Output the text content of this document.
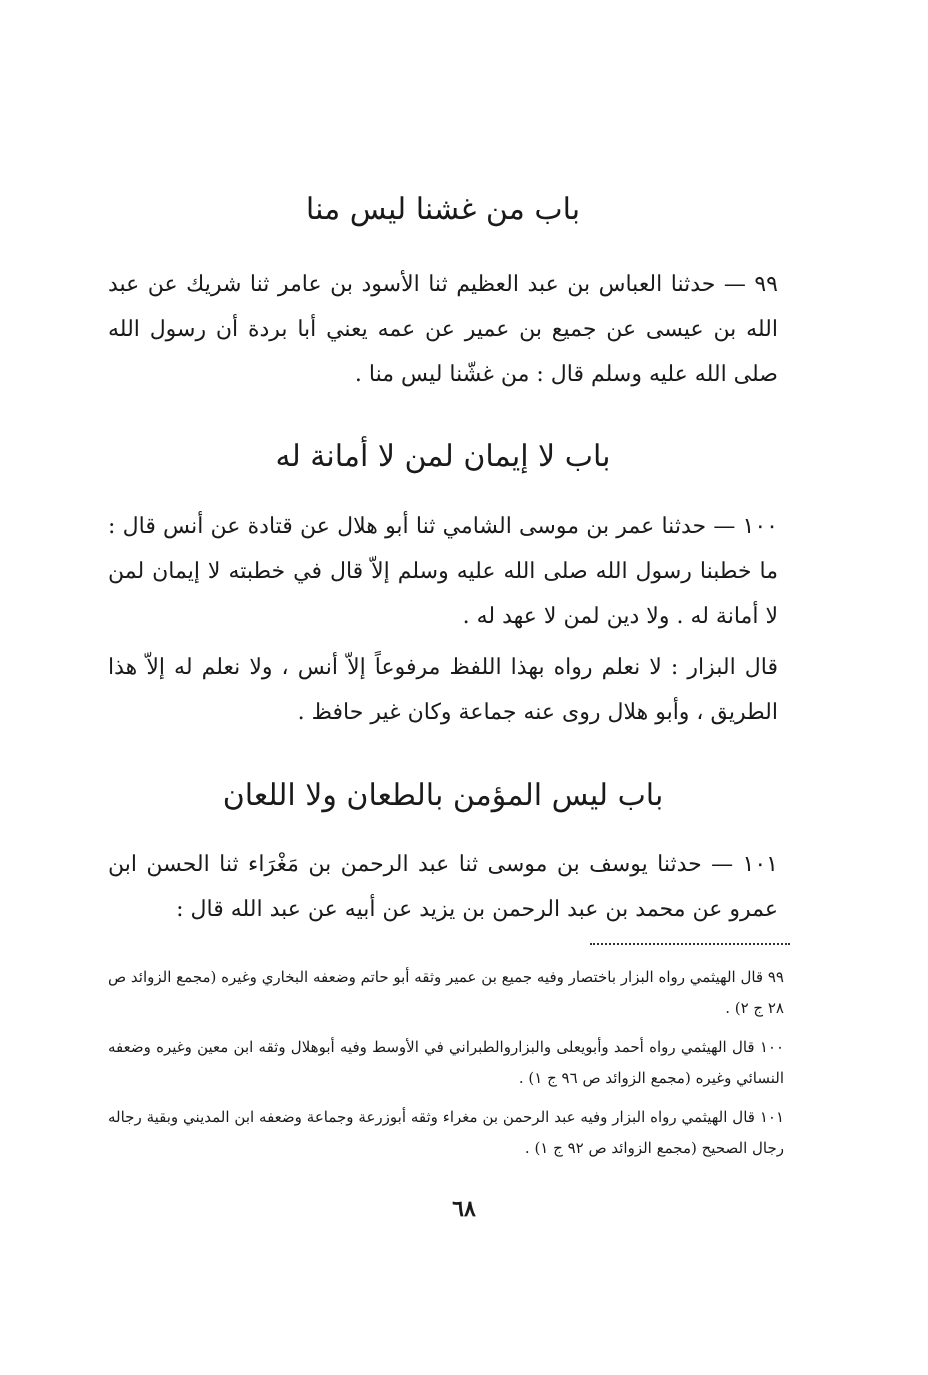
باب من غشنا ليس منا

٩٩ — حدثنا العباس بن عبد العظيم ثنا الأسود بن عامر ثنا شريك عن عبد الله بن عيسى عن جميع بن عمير عن عمه يعني أبا بردة أن رسول الله صلى الله عليه وسلم قال : من غشّنا ليس منا .

باب لا إيمان لمن لا أمانة له

١٠٠ — حدثنا عمر بن موسى الشامي ثنا أبو هلال عن قتادة عن أنس قال : ما خطبنا رسول الله صلى الله عليه وسلم إلاّ قال في خطبته لا إيمان لمن لا أمانة له . ولا دين لمن لا عهد له .

قال البزار : لا نعلم رواه بهذا اللفظ مرفوعاً إلاّ أنس ، ولا نعلم له إلاّ هذا الطريق ، وأبو هلال روى عنه جماعة وكان غير حافظ .

باب ليس المؤمن بالطعان ولا اللعان

١٠١ — حدثنا يوسف بن موسى ثنا عبد الرحمن بن مَغْرَاء ثنا الحسن ابن عمرو عن محمد بن عبد الرحمن بن يزيد عن أبيه عن عبد الله قال :

٩٩ قال الهيثمي رواه البزار باختصار وفيه جميع بن عمير وثقه أبو حاتم وضعفه البخاري وغيره (مجمع الزوائد ص ٢٨ ج ٢) .

١٠٠ قال الهيثمي رواه أحمد وأبويعلى والبزاروالطبراني في الأوسط وفيه أبوهلال وثقه ابن معين وغيره وضعفه النسائي وغيره (مجمع الزوائد ص ٩٦ ج ١) .

١٠١ قال الهيثمي رواه البزار وفيه عبد الرحمن بن مغراء وثقه أبوزرعة وجماعة وضعفه ابن المديني وبقية رجاله رجال الصحيح (مجمع الزوائد ص ٩٢ ج ١) .

٦٨
